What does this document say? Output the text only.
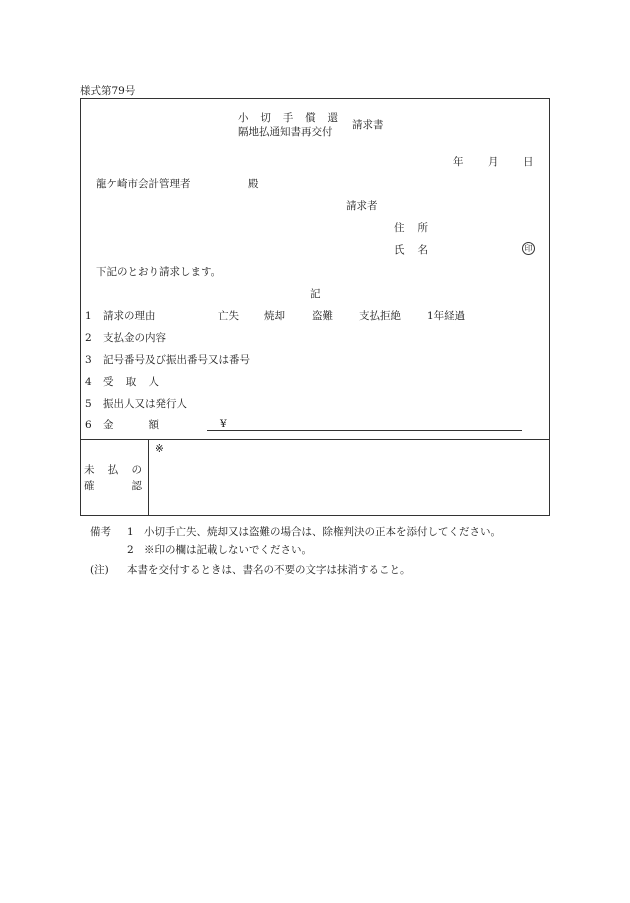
様式第79号
小 切 手 償 還
隔地払通知書再交付
請求書
年 月 日
龍ケ崎市会計管理者	殿
請求者
住 所
氏 名	印
下記のとおり請求します。
記
1 請求の理由	亡失 焼却	盗難 支払拒絶 1年経過
2 支払金の内容
3 記号番号及び振出番号又は番号
4 受 取 人
5 振出人又は発行人
6 金	額	¥
※
未 払 の
確	認
備考 1 小切手亡失、焼却又は盗難の場合は、除権判決の正本を添付してください。
2 ※印の欄は記載しないでください。
(注) 本書を交付するときは、書名の不要の文字は抹消すること。
